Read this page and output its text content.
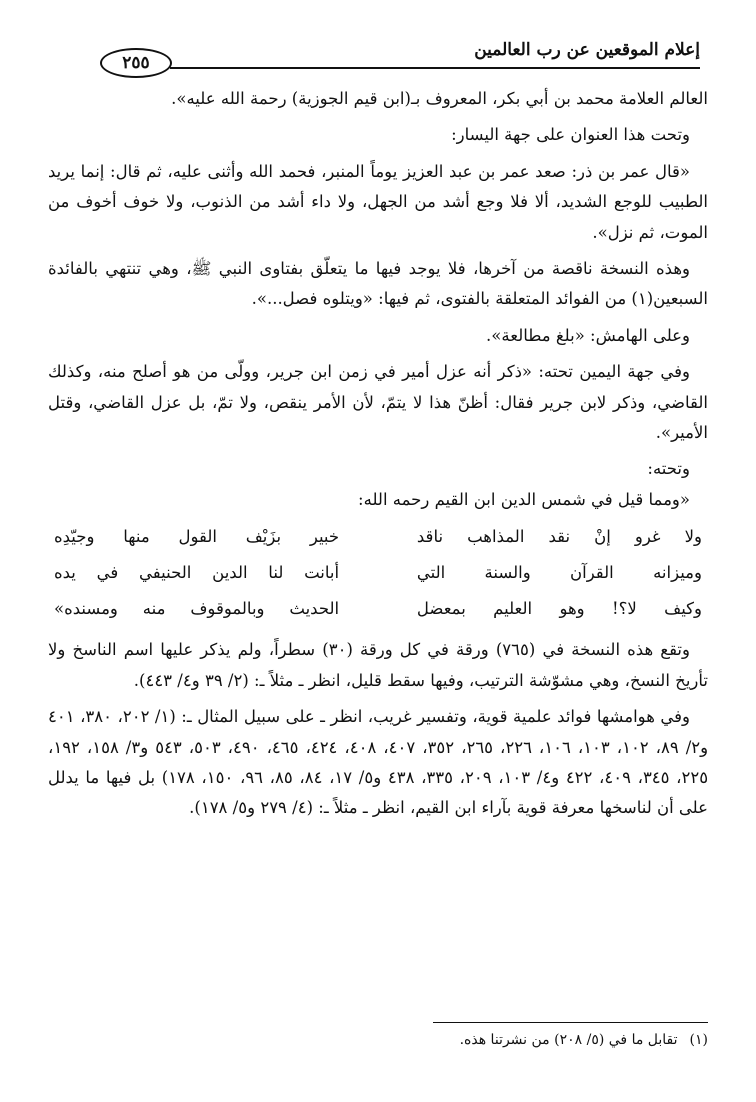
إعلام الموقعين عن رب العالمين
٢٥٥

العالم العلامة محمد بن أبي بكر، المعروف بـ(ابن قيم الجوزية) رحمة الله عليه».

وتحت هذا العنوان على جهة اليسار:

«قال عمر بن ذر: صعد عمر بن عبد العزيز يوماً المنبر، فحمد الله وأثنى عليه، ثم قال: إنما يريد الطبيب للوجع الشديد، ألا فلا وجع أشد من الجهل، ولا داء أشد من الذنوب، ولا خوف أخوف من الموت، ثم نزل».

وهذه النسخة ناقصة من آخرها، فلا يوجد فيها ما يتعلّق بفتاوى النبي ﷺ، وهي تنتهي بالفائدة السبعين(١) من الفوائد المتعلقة بالفتوى، ثم فيها: «ويتلوه فصل...».

وعلى الهامش: «بلغ مطالعة».

وفي جهة اليمين تحته: «ذكر أنه عزل أمير في زمن ابن جرير، وولّى من هو أصلح منه، وكذلك القاضي، وذكر لابن جرير فقال: أظنّ هذا لا يتمّ، لأن الأمر ينقص، ولا تمّ، بل عزل القاضي، وقتل الأمير».

وتحته:

«ومما قيل في شمس الدين ابن القيم رحمه الله:

ولا غرو إنْ نقد المذاهب ناقد
خبير بزَيْف القول منها وجيّدِه
وميزانه القرآن والسنة التي
أبانت لنا الدين الحنيفي في يده
وكيف لا؟! وهو العليم بمعضل
الحديث وبالموقوف منه ومسنده»

وتقع هذه النسخة في (٧٦٥) ورقة في كل ورقة (٣٠) سطراً، ولم يذكر عليها اسم الناسخ ولا تأريخ النسخ، وهي مشوّشة الترتيب، وفيها سقط قليل، انظر ـ مثلاً ـ: (٢/ ٣٩ و٤/ ٤٤٣).

وفي هوامشها فوائد علمية قوية، وتفسير غريب، انظر ـ على سبيل المثال ـ: (١/ ٢٠٢، ٣٨٠، ٤٠١ و٢/ ٨٩، ١٠٢، ١٠٣، ١٠٦، ٢٢٦، ٢٦٥، ٣٥٢، ٤٠٧، ٤٠٨، ٤٢٤، ٤٦٥، ٤٩٠، ٥٠٣، ٥٤٣ و٣/ ١٥٨، ١٩٢، ٢٢٥، ٣٤٥، ٤٠٩، ٤٢٢ و٤/ ١٠٣، ٢٠٩، ٣٣٥، ٤٣٨ و٥/ ١٧، ٨٤، ٨٥، ٩٦، ١٥٠، ١٧٨) بل فيها ما يدلل على أن لناسخها معرفة قوية بآراء ابن القيم، انظر ـ مثلاً ـ: (٤/ ٢٧٩ و٥/ ١٧٨).

(١)تقابل ما في (٥/ ٢٠٨) من نشرتنا هذه.
